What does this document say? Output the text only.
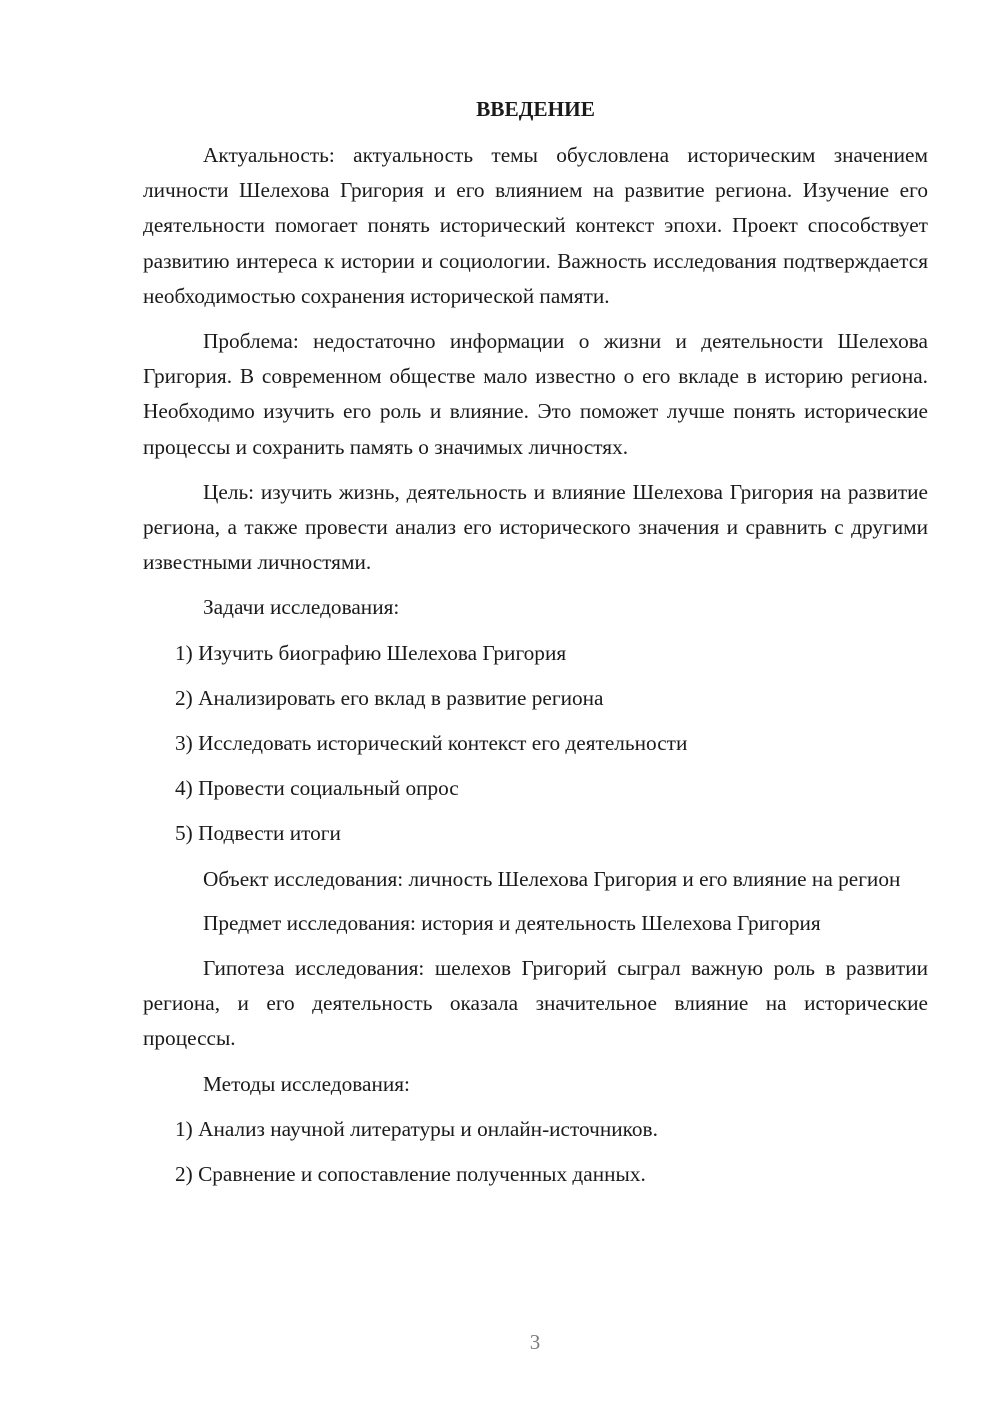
ВВЕДЕНИЕ

Актуальность: актуальность темы обусловлена историческим значением личности Шелехова Григория и его влиянием на развитие региона. Изучение его деятельности помогает понять исторический контекст эпохи. Проект способствует развитию интереса к истории и социологии. Важность исследования подтверждается необходимостью сохранения исторической памяти.

Проблема: недостаточно информации о жизни и деятельности Шелехова Григория. В современном обществе мало известно о его вкладе в историю региона. Необходимо изучить его роль и влияние. Это поможет лучше понять исторические процессы и сохранить память о значимых личностях.

Цель: изучить жизнь, деятельность и влияние Шелехова Григория на развитие региона, а также провести анализ его исторического значения и сравнить с другими известными личностями.

Задачи исследования:

1) Изучить биографию Шелехова Григория
2) Анализировать его вклад в развитие региона
3) Исследовать исторический контекст его деятельности
4) Провести социальный опрос
5) Подвести итоги

Объект исследования: личность Шелехова Григория и его влияние на регион

Предмет исследования: история и деятельность Шелехова Григория

Гипотеза исследования: шелехов Григорий сыграл важную роль в развитии региона, и его деятельность оказала значительное влияние на исторические процессы.

Методы исследования:

1) Анализ научной литературы и онлайн-источников.
2) Сравнение и сопоставление полученных данных.
3
